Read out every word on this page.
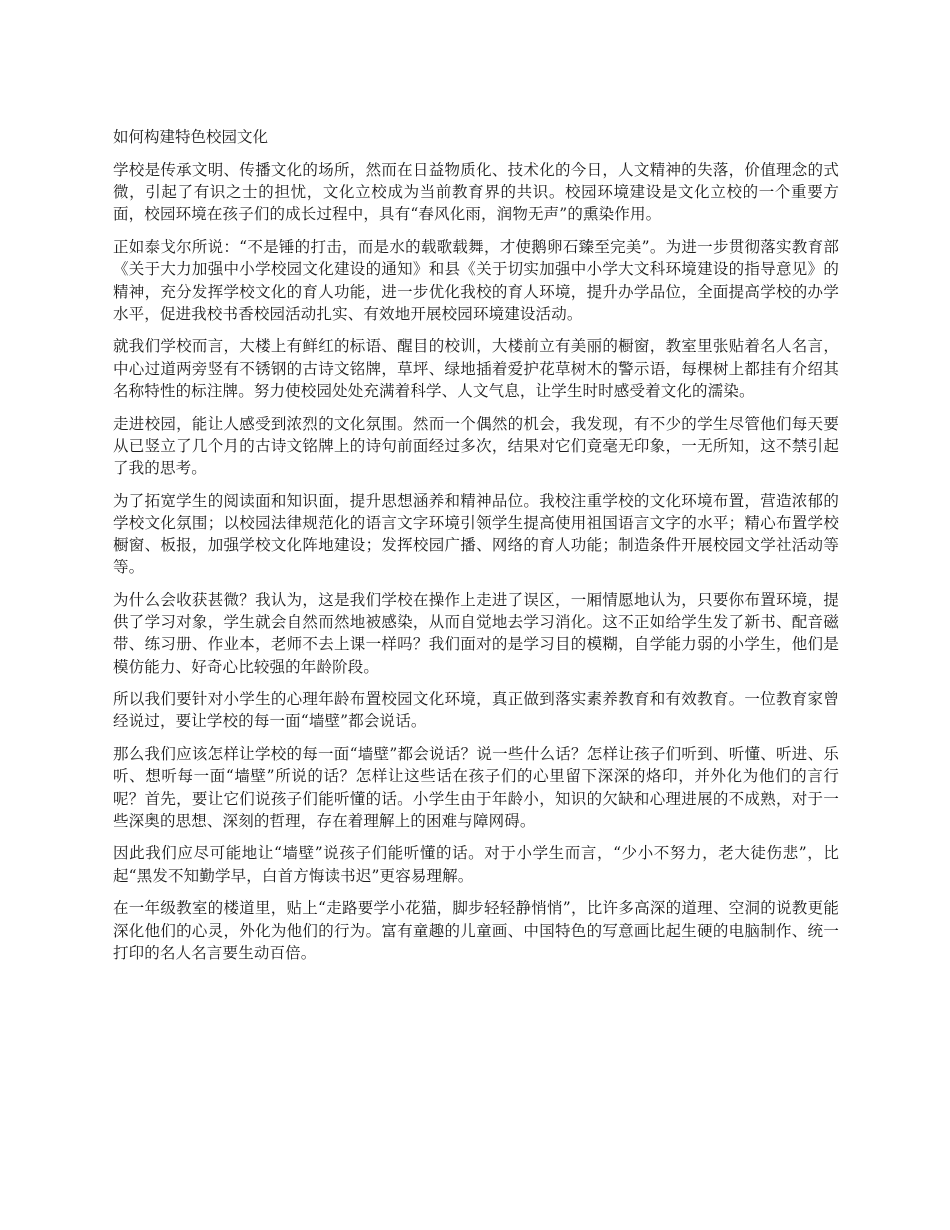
如何构建特色校园文化

学校是传承文明、传播文化的场所，然而在日益物质化、技术化的今日，人文精神的失落，价值理念的式微，引起了有识之士的担忧，文化立校成为当前教育界的共识。校园环境建设是文化立校的一个重要方面，校园环境在孩子们的成长过程中，具有“春风化雨，润物无声”的熏染作用。

正如泰戈尔所说：“不是锤的打击，而是水的载歌载舞，才使鹅卵石臻至完美”。为进一步贯彻落实教育部《关于大力加强中小学校园文化建设的通知》和县《关于切实加强中小学大文科环境建设的指导意见》的精神，充分发挥学校文化的育人功能，进一步优化我校的育人环境，提升办学品位，全面提高学校的办学水平，促进我校书香校园活动扎实、有效地开展校园环境建设活动。

就我们学校而言，大楼上有鲜红的标语、醒目的校训，大楼前立有美丽的橱窗，教室里张贴着名人名言，中心过道两旁竖有不锈钢的古诗文铭牌，草坪、绿地插着爱护花草树木的警示语，每棵树上都挂有介绍其名称特性的标注牌。努力使校园处处充满着科学、人文气息，让学生时时感受着文化的濡染。

走进校园，能让人感受到浓烈的文化氛围。然而一个偶然的机会，我发现，有不少的学生尽管他们每天要从已竖立了几个月的古诗文铭牌上的诗句前面经过多次，结果对它们竟毫无印象，一无所知，这不禁引起了我的思考。

为了拓宽学生的阅读面和知识面，提升思想涵养和精神品位。我校注重学校的文化环境布置，营造浓郁的学校文化氛围；以校园法律规范化的语言文字环境引领学生提高使用祖国语言文字的水平；精心布置学校橱窗、板报，加强学校文化阵地建设；发挥校园广播、网络的育人功能；制造条件开展校园文学社活动等等。

为什么会收获甚微？我认为，这是我们学校在操作上走进了误区，一厢情愿地认为，只要你布置环境，提供了学习对象，学生就会自然而然地被感染，从而自觉地去学习消化。这不正如给学生发了新书、配音磁带、练习册、作业本，老师不去上课一样吗？我们面对的是学习目的模糊，自学能力弱的小学生，他们是模仿能力、好奇心比较强的年龄阶段。

所以我们要针对小学生的心理年龄布置校园文化环境，真正做到落实素养教育和有效教育。一位教育家曾经说过，要让学校的每一面“墙壁”都会说话。

那么我们应该怎样让学校的每一面“墙壁”都会说话？说一些什么话？怎样让孩子们听到、听懂、听进、乐听、想听每一面“墙壁”所说的话？怎样让这些话在孩子们的心里留下深深的烙印，并外化为他们的言行呢？首先，要让它们说孩子们能听懂的话。小学生由于年龄小，知识的欠缺和心理进展的不成熟，对于一些深奥的思想、深刻的哲理，存在着理解上的困难与障网碍。

因此我们应尽可能地让“墙壁”说孩子们能听懂的话。对于小学生而言，“少小不努力，老大徒伤悲”，比起“黑发不知勤学早，白首方悔读书迟”更容易理解。

在一年级教室的楼道里，贴上“走路要学小花猫，脚步轻轻静悄悄”，比许多高深的道理、空洞的说教更能深化他们的心灵，外化为他们的行为。富有童趣的儿童画、中国特色的写意画比起生硬的电脑制作、统一打印的名人名言要生动百倍。
